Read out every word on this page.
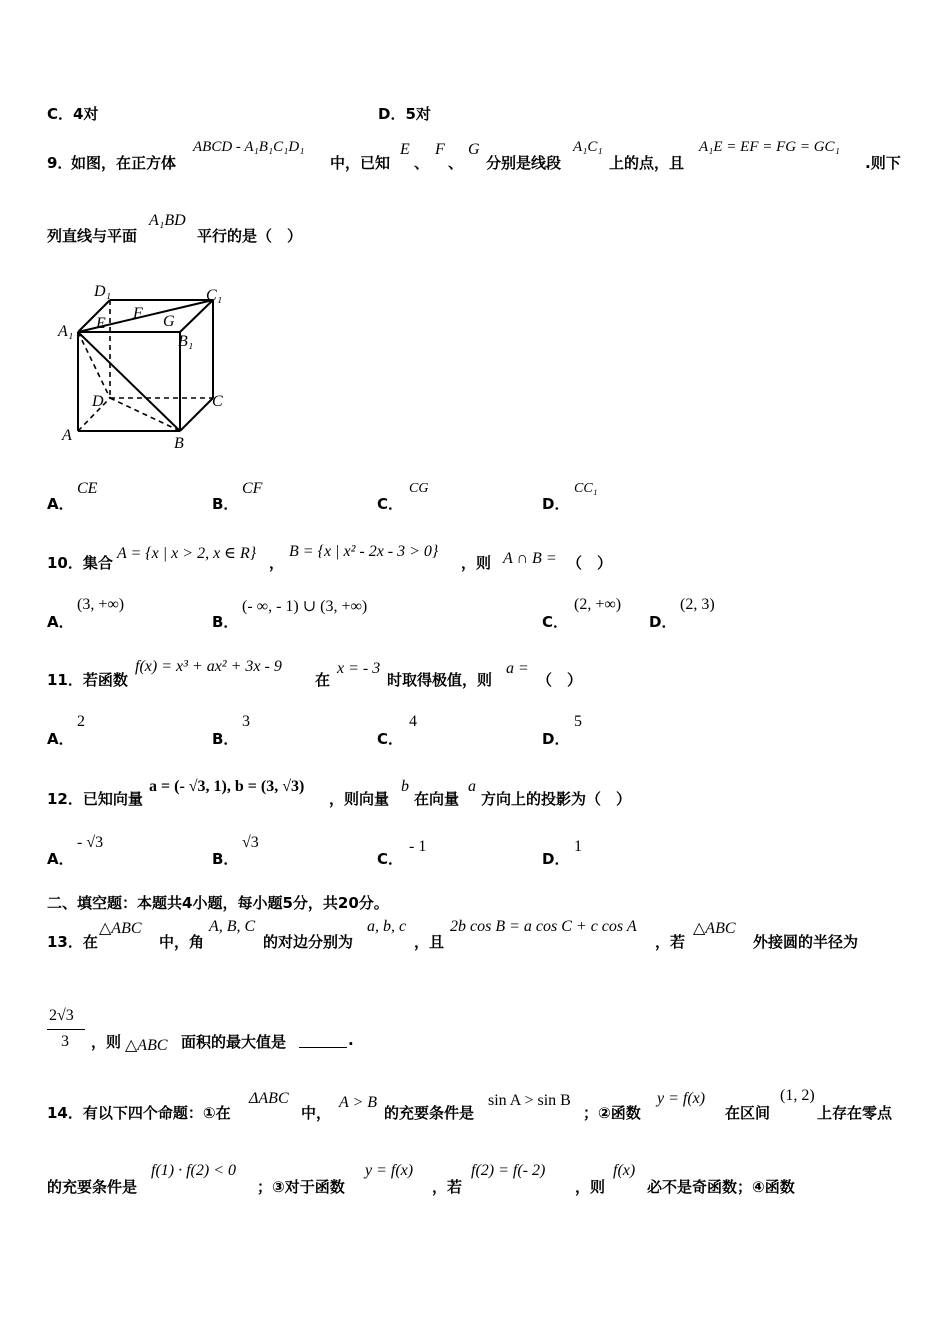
C．4对	D．5对
9．
如图，在正方体
ABCD - A₁B₁C₁D₁
中，已知
E
、
F
、
G
分别是线段
A₁C₁
上的点，且
A₁E = EF = FG = GC₁
.则下
列直线与平面
A₁BD
平行的是（　）
D₁	C₁
A₁ E
F G
B₁
D	C
A	B
A．
CE
B．
CF
C．
CG
D．
CC₁
10．集合
A = {x | x > 2, x ∈ R}
，
B = {x | x² - 2x - 3 > 0}
，则 A ∩ B = （　）
A．
(3, +∞)
B．
(- ∞, - 1) ∪ (3, +∞)
C．
(2, +∞)
D．
(2, 3)
11．若函数
f(x) = x³ + ax² + 3x - 9
在
x = - 3
时取得极值，则
a =
（　）
A．
2
B．
3
C．
4
D．
5
12．已知向量
a = (- √3, 1), b = (3, √3)
，则向量
b
在向量
a
方向上的投影为（　）
A．
- √3
B．
√3
C．
- 1
D．
1
二、填空题：本题共4小题，每小题5分，共20分。
13．在
△ABC
中，角
A, B, C
的对边分别为
a, b, c
，且
2b cos B = a cos C + c cos A
，若
△ABC
外接圆的半径为
2√3
3 ，则 △ABC 面积的最大值是	.
14．有以下四个命题：①在
ΔABC
中，
A > B
的充要条件是
sin A > sin B
；②函数
y = f(x)
在区间
(1, 2)
上存在零点
的充要条件是
f(1) · f(2) < 0
；③对于函数
y = f(x)
，若
f(2) = f(- 2)
，则
f(x)
必不是奇函数；④函数
